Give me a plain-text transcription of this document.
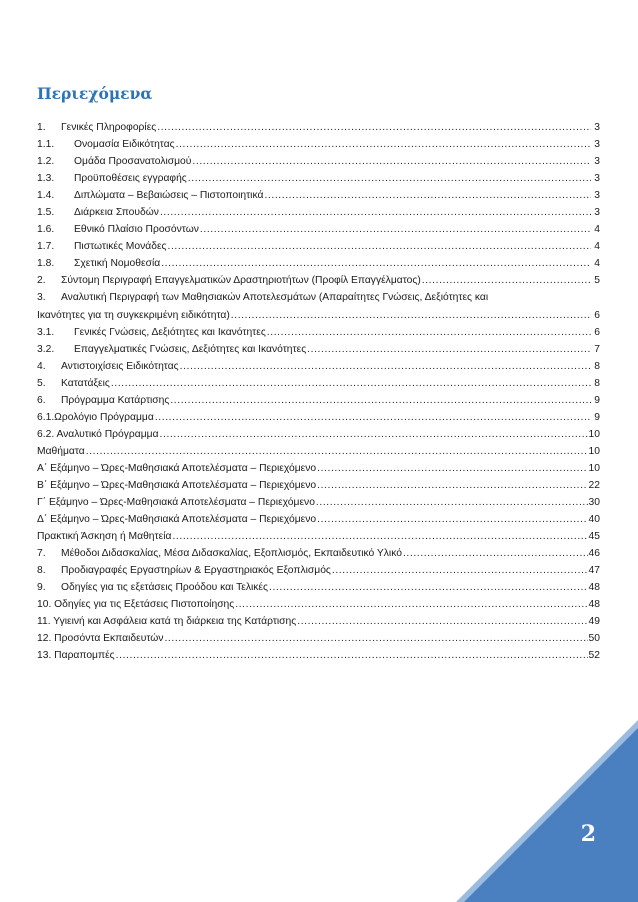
Περιεχόμενα
1.	Γενικές Πληροφορίες .....	3
1.1.	Ονομασία Ειδικότητας .....	3
1.2.	Ομάδα Προσανατολισμού .....	3
1.3.	Προϋποθέσεις εγγραφής .....	3
1.4.	Διπλώματα – Βεβαιώσεις – Πιστοποιητικά .....	3
1.5.	Διάρκεια Σπουδών .....	3
1.6.	Εθνικό Πλαίσιο Προσόντων .....	4
1.7.	Πιστωτικές Μονάδες .....	4
1.8.	Σχετική Νομοθεσία .....	4
2.	Σύντομη Περιγραφή Επαγγελματικών Δραστηριοτήτων (Προφίλ Επαγγέλματος) .....	5
3. Αναλυτική Περιγραφή των Μαθησιακών Αποτελεσμάτων (Απαραίτητες Γνώσεις, Δεξιότητες και
Ικανότητες για τη συγκεκριμένη ειδικότητα) .....	6
3.1.	Γενικές Γνώσεις, Δεξιότητες και Ικανότητες .....	6
3.2.	Επαγγελματικές Γνώσεις, Δεξιότητες και Ικανότητες .....	7
4.	Αντιστοιχίσεις Ειδικότητας .....	8
5.	Κατατάξεις .....	8
6.	Πρόγραμμα Κατάρτισης .....	9
6.1.Ωρολόγιο Πρόγραμμα .....	9
6.2. Αναλυτικό Πρόγραμμα .....	10
Μαθήματα .....	10
Α΄ Εξάμηνο – Ώρες-Μαθησιακά Αποτελέσματα – Περιεχόμενο .....	10
Β΄ Εξάμηνο – Ώρες-Μαθησιακά Αποτελέσματα – Περιεχόμενο .....	22
Γ΄ Εξάμηνο – Ώρες-Μαθησιακά Αποτελέσματα – Περιεχόμενο .....	30
Δ΄ Εξάμηνο – Ώρες-Μαθησιακά Αποτελέσματα – Περιεχόμενο .....	40
Πρακτική Άσκηση ή Μαθητεία .....	45
7.	Μέθοδοι Διδασκαλίας, Μέσα Διδασκαλίας, Εξοπλισμός, Εκπαιδευτικό Υλικό .....	46
8.	Προδιαγραφές Εργαστηρίων & Εργαστηριακός Εξοπλισμός .....	47
9.	Οδηγίες για τις εξετάσεις Προόδου και Τελικές .....	48
10. Οδηγίες για τις Εξετάσεις Πιστοποίησης .....	48
11. Υγιεινή και Ασφάλεια κατά τη διάρκεια της Κατάρτισης .....	49
12. Προσόντα Εκπαιδευτών .....	50
13. Παραπομπές .....	52
2
